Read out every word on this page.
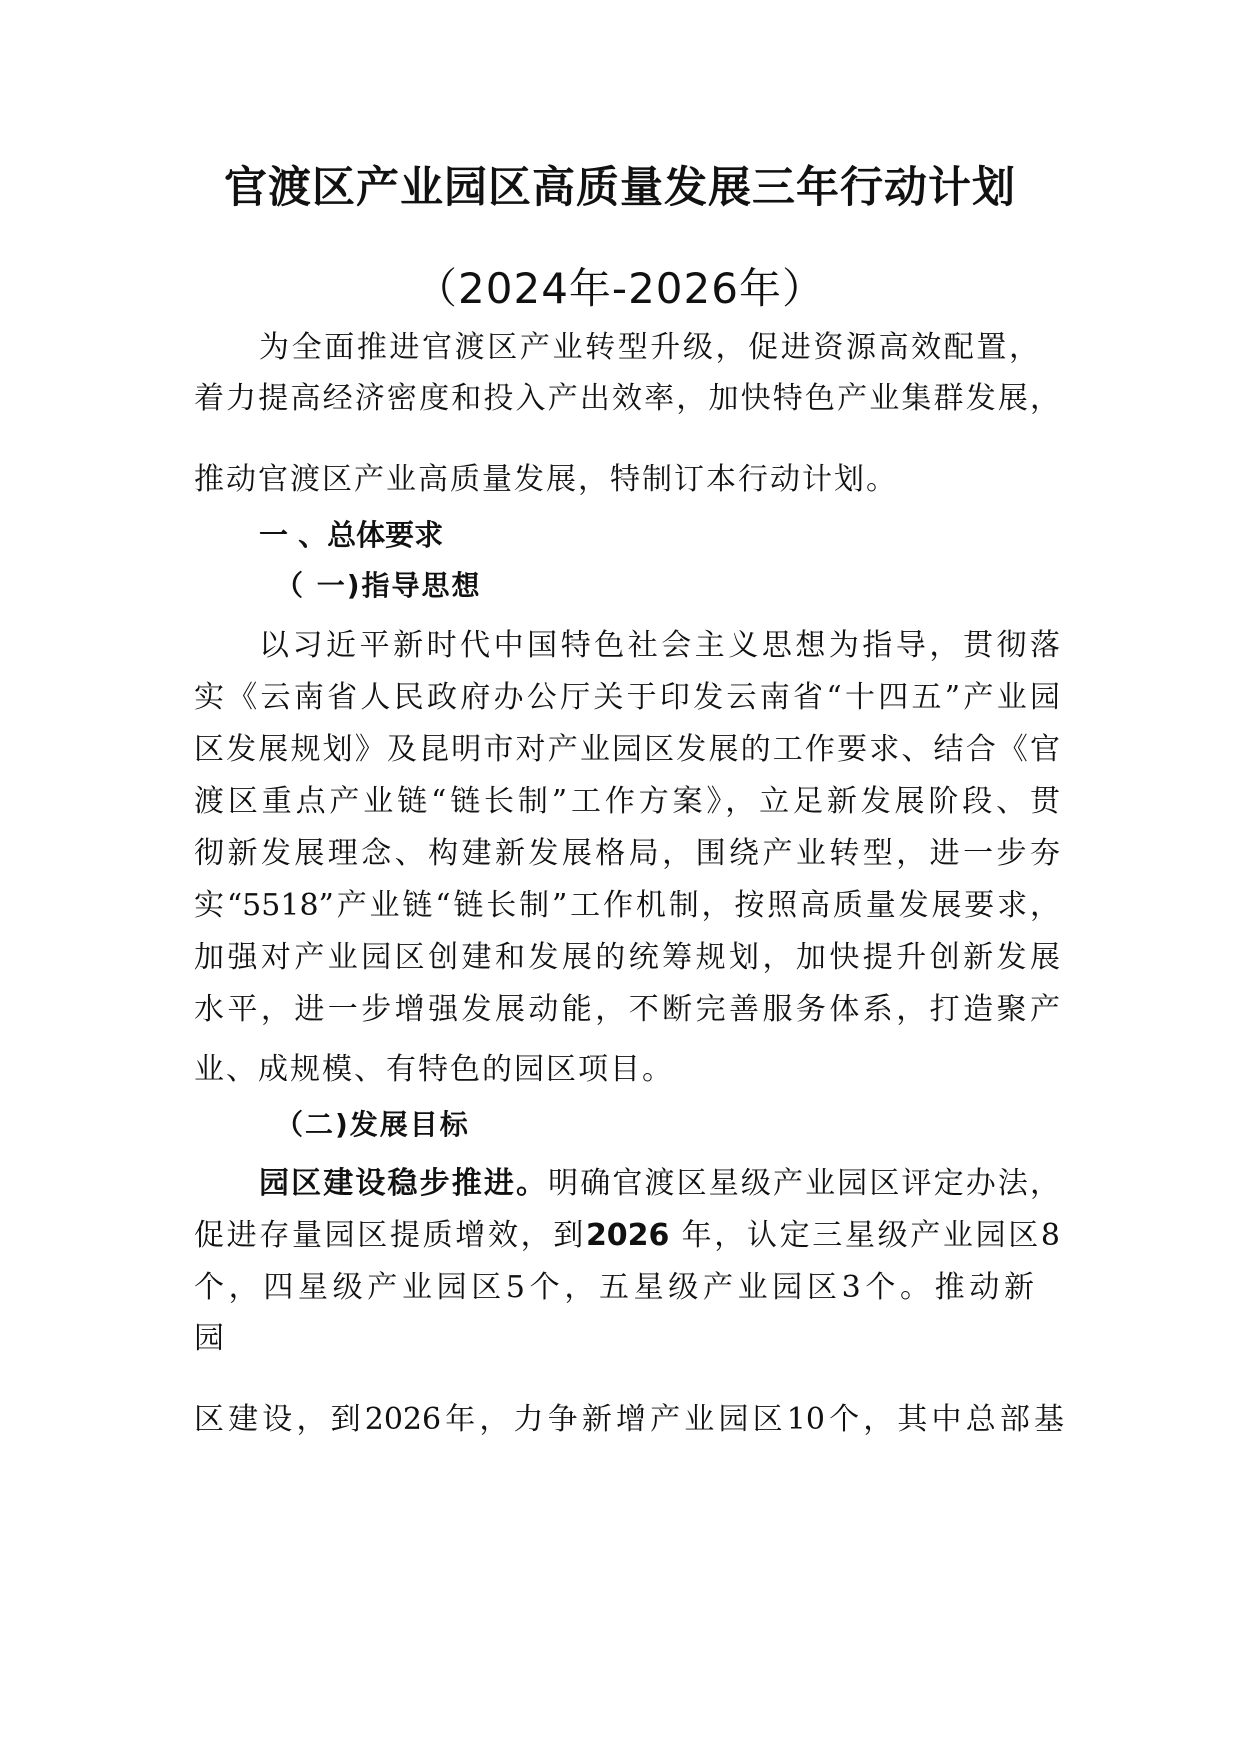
官渡区产业园区高质量发展三年行动计划
（2024年-2026年）

为全面推进官渡区产业转型升级，促进资源高效配置，

着力提高经济密度和投入产出效率，加快特色产业集群发展，

推动官渡区产业高质量发展，特制订本行动计划。

一 、总体要求
（ 一)指导思想

以习近平新时代中国特色社会主义思想为指导，贯彻落

实《云南省人民政府办公厅关于印发云南省“十四五”产业园

区发展规划》及昆明市对产业园区发展的工作要求、结合《官

渡区重点产业链“链长制”工作方案》，立足新发展阶段、贯

彻新发展理念、构建新发展格局，围绕产业转型，进一步夯

实“5518”产业链“链长制”工作机制，按照高质量发展要求，

加强对产业园区创建和发展的统筹规划，加快提升创新发展

水平，进一步增强发展动能，不断完善服务体系，打造聚产

业、成规模、有特色的园区项目。

（二)发展目标

园区建设稳步推进。明确官渡区星级产业园区评定办法，

促进存量园区提质增效，到2026 年，认定三星级产业园区8

个，四星级产业园区5个，五星级产业园区3个。推动新

园

区建设，到2026年，力争新增产业园区10个，其中总部基
